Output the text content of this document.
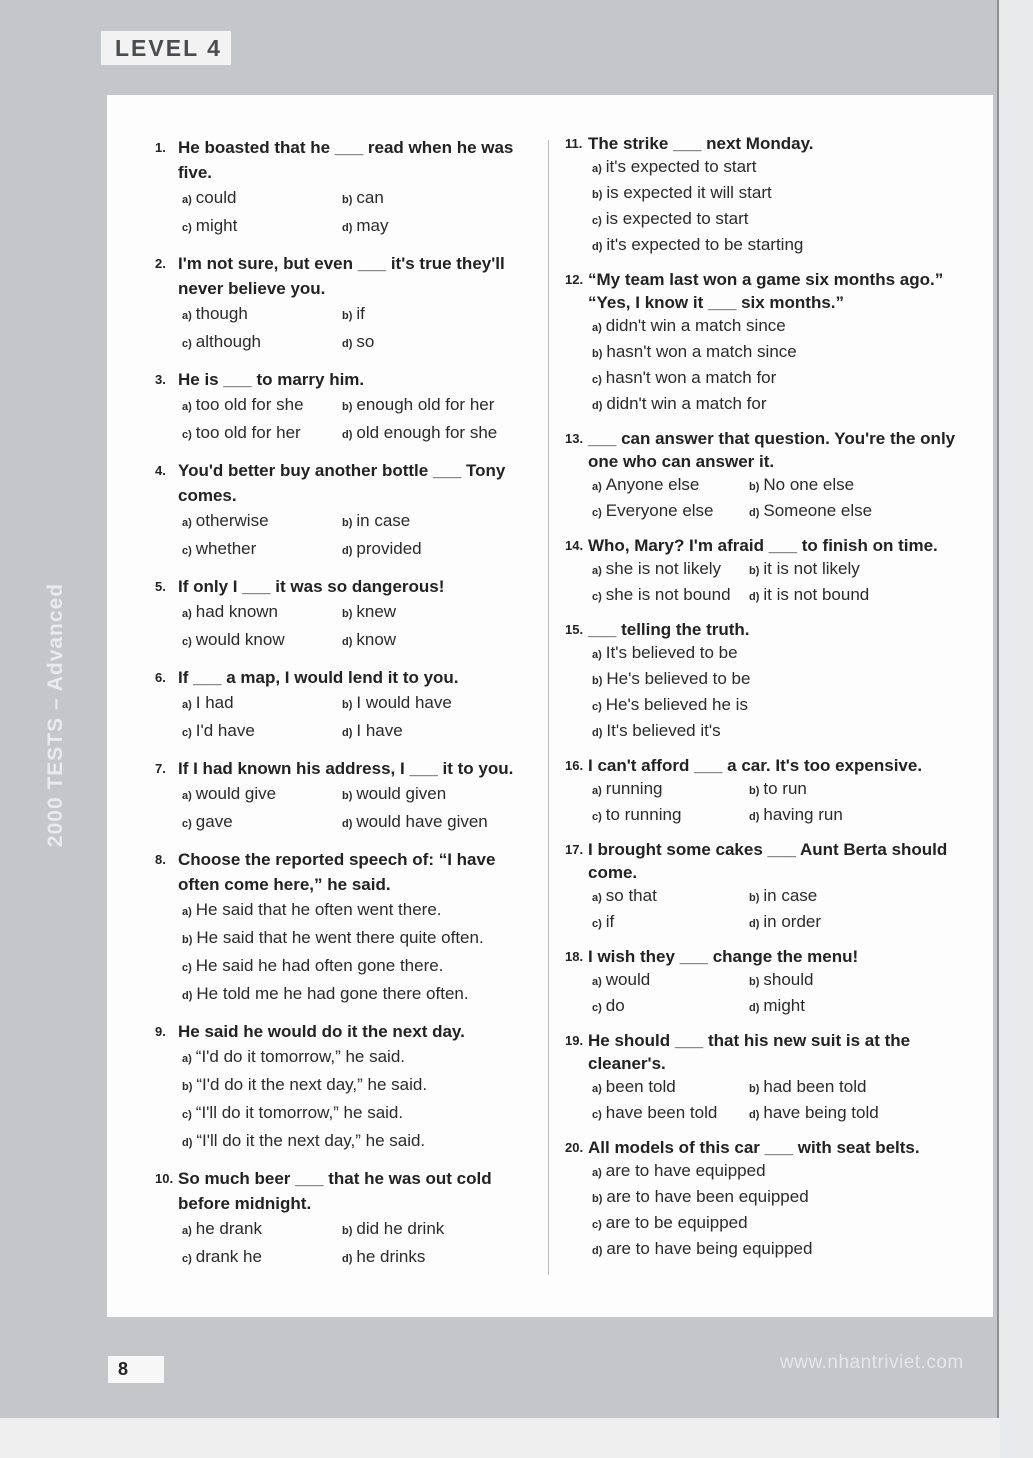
LEVEL 4
2000 TESTS – Advanced
1. He boasted that he ___ read when he was five.
a) could	b) can
c) might	d) may
2. I'm not sure, but even ___ it's true they'll never believe you.
a) though	b) if
c) although	d) so
3. He is ___ to marry him.
a) too old for she	b) enough old for her
c) too old for her	d) old enough for she
4. You'd better buy another bottle ___ Tony comes.
a) otherwise	b) in case
c) whether	d) provided
5. If only I ___ it was so dangerous!
a) had known	b) knew
c) would know	d) know
6. If ___ a map, I would lend it to you.
a) I had	b) I would have
c) I'd have	d) I have
7. If I had known his address, I ___ it to you.
a) would give	b) would given
c) gave	d) would have given
8. Choose the reported speech of: “I have often come here,” he said.
a) He said that he often went there.
b) He said that he went there quite often.
c) He said he had often gone there.
d) He told me he had gone there often.
9. He said he would do it the next day.
a) “I'd do it tomorrow,” he said.
b) “I'd do it the next day,” he said.
c) “I'll do it tomorrow,” he said.
d) “I'll do it the next day,” he said.
10. So much beer ___ that he was out cold before midnight.
a) he drank	b) did he drink
c) drank he	d) he drinks
11. The strike ___ next Monday.
a) it's expected to start
b) is expected it will start
c) is expected to start
d) it's expected to be starting
12. “My team last won a game six months ago.” “Yes, I know it ___ six months.”
a) didn't win a match since
b) hasn't won a match since
c) hasn't won a match for
d) didn't win a match for
13. ___ can answer that question. You're the only one who can answer it.
a) Anyone else	b) No one else
c) Everyone else	d) Someone else
14. Who, Mary? I'm afraid ___ to finish on time.
a) she is not likely	b) it is not likely
c) she is not bound	d) it is not bound
15. ___ telling the truth.
a) It's believed to be
b) He's believed to be
c) He's believed he is
d) It's believed it's
16. I can't afford ___ a car. It's too expensive.
a) running	b) to run
c) to running	d) having run
17. I brought some cakes ___ Aunt Berta should come.
a) so that	b) in case
c) if	d) in order
18. I wish they ___ change the menu!
a) would	b) should
c) do	d) might
19. He should ___ that his new suit is at the cleaner's.
a) been told	b) had been told
c) have been told	d) have being told
20. All models of this car ___ with seat belts.
a) are to have equipped
b) are to have been equipped
c) are to be equipped
d) are to have being equipped
8	www.nhantriviet.com
